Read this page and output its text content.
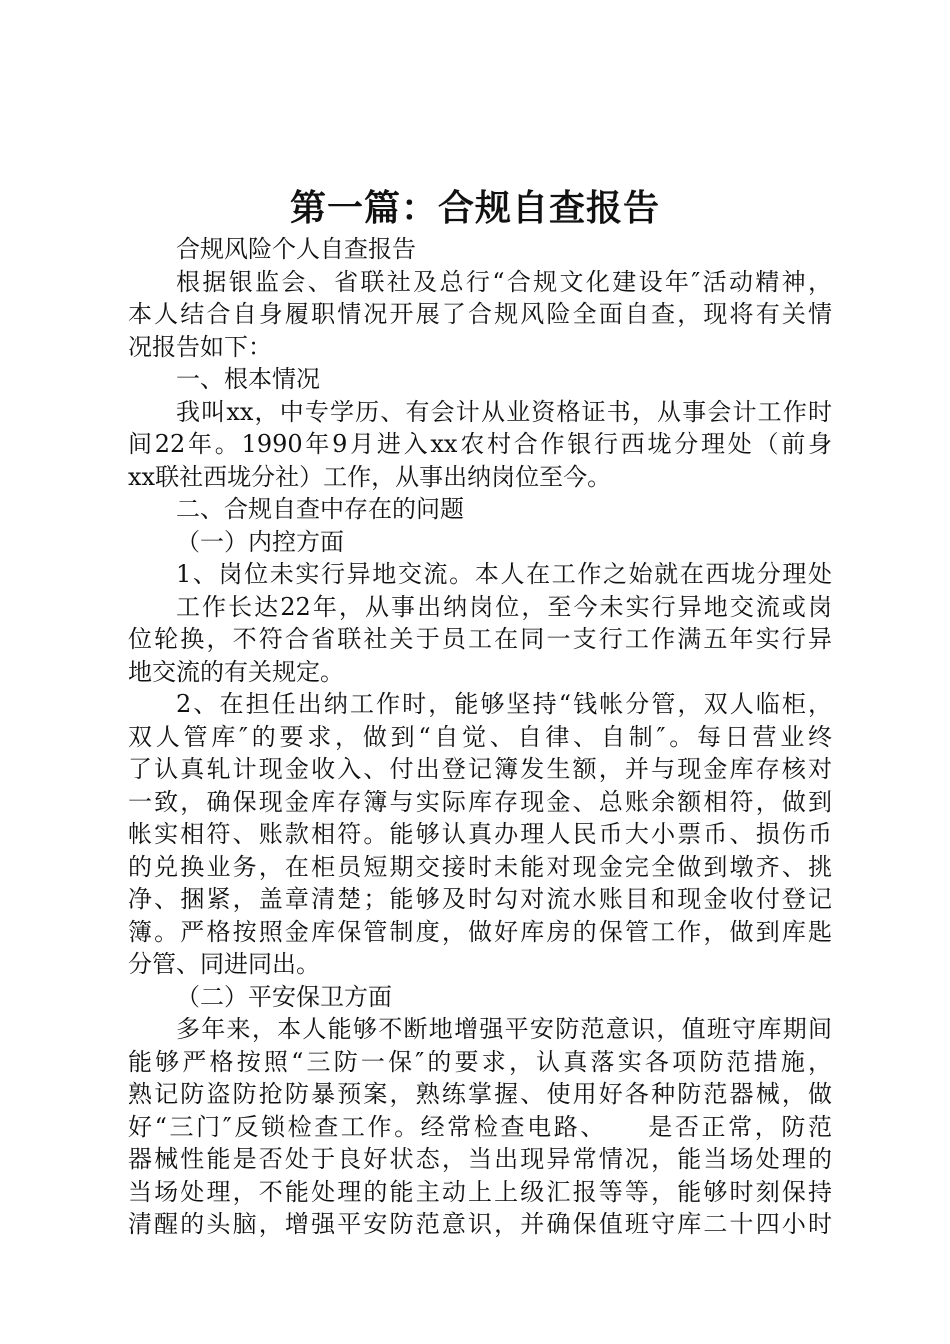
第一篇：合规自查报告
合规风险个人自查报告
根据银监会、省联社及总行“合规文化建设年″活动精神，
本人结合自身履职情况开展了合规风险全面自查，现将有关情
况报告如下：
一、根本情况
我叫xx，中专学历、有会计从业资格证书，从事会计工作时
间22年。1990年9月进入xx农村合作银行西垅分理处（前身
xx联社西垅分社）工作，从事出纳岗位至今。
二、合规自查中存在的问题
（一）内控方面
1、岗位未实行异地交流。本人在工作之始就在西垅分理处
工作长达22年，从事出纳岗位，至今未实行异地交流或岗
位轮换，不符合省联社关于员工在同一支行工作满五年实行异
地交流的有关规定。
2、在担任出纳工作时，能够坚持“钱帐分管，双人临柜，
双人管库″的要求，做到“自觉、自律、自制″。每日营业终
了认真轧计现金收入、付出登记簿发生额，并与现金库存核对
一致，确保现金库存簿与实际库存现金、总账余额相符，做到
帐实相符、账款相符。能够认真办理人民币大小票币、损伤币
的兑换业务，在柜员短期交接时未能对现金完全做到墩齐、挑
净、捆紧，盖章清楚；能够及时勾对流水账目和现金收付登记
簿。严格按照金库保管制度，做好库房的保管工作，做到库匙
分管、同进同出。
（二）平安保卫方面
多年来，本人能够不断地增强平安防范意识，值班守库期间
能够严格按照“三防一保″的要求，认真落实各项防范措施，
熟记防盗防抢防暴预案，熟练掌握、使用好各种防范器械，做
好“三门″反锁检查工作。经常检查电路、　　是否正常，防范
器械性能是否处于良好状态，当出现异常情况，能当场处理的
当场处理，不能处理的能主动上上级汇报等等，能够时刻保持
清醒的头脑，增强平安防范意识，并确保值班守库二十四小时
